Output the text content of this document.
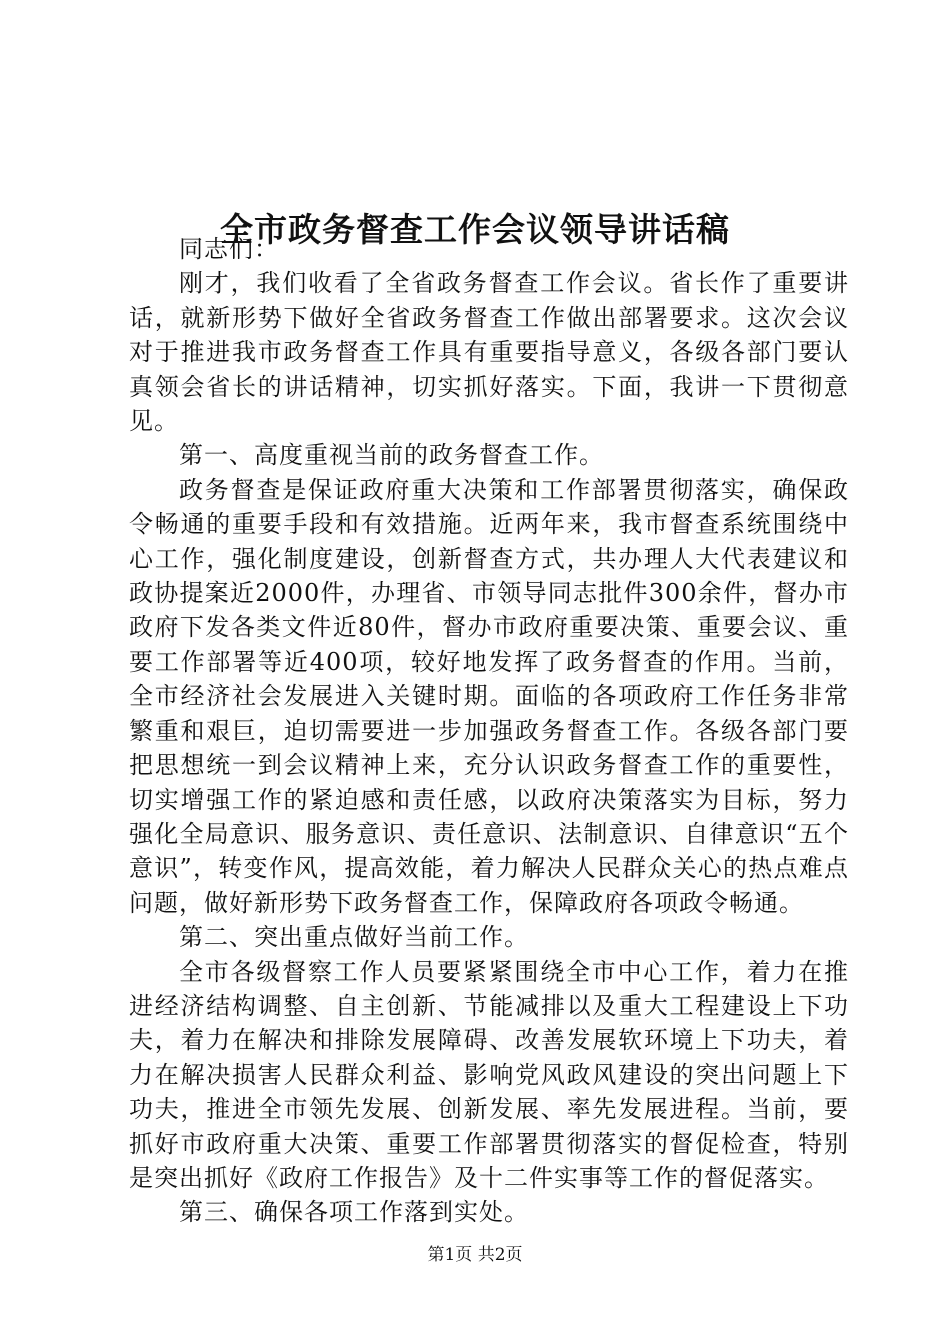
全市政务督查工作会议领导讲话稿

同志们：

刚才，我们收看了全省政务督查工作会议。省长作了重要讲话，就新形势下做好全省政务督查工作做出部署要求。这次会议对于推进我市政务督查工作具有重要指导意义，各级各部门要认真领会省长的讲话精神，切实抓好落实。下面，我讲一下贯彻意见。

第一、高度重视当前的政务督查工作。

政务督查是保证政府重大决策和工作部署贯彻落实，确保政令畅通的重要手段和有效措施。近两年来，我市督查系统围绕中心工作，强化制度建设，创新督查方式，共办理人大代表建议和政协提案近2000件，办理省、市领导同志批件300余件，督办市政府下发各类文件近80件，督办市政府重要决策、重要会议、重要工作部署等近400项，较好地发挥了政务督查的作用。当前，全市经济社会发展进入关键时期。面临的各项政府工作任务非常繁重和艰巨，迫切需要进一步加强政务督查工作。各级各部门要把思想统一到会议精神上来，充分认识政务督查工作的重要性，切实增强工作的紧迫感和责任感，以政府决策落实为目标，努力强化全局意识、服务意识、责任意识、法制意识、自律意识“五个意识”，转变作风，提高效能，着力解决人民群众关心的热点难点问题，做好新形势下政务督查工作，保障政府各项政令畅通。

第二、突出重点做好当前工作。

全市各级督察工作人员要紧紧围绕全市中心工作，着力在推进经济结构调整、自主创新、节能减排以及重大工程建设上下功夫，着力在解决和排除发展障碍、改善发展软环境上下功夫，着力在解决损害人民群众利益、影响党风政风建设的突出问题上下功夫，推进全市领先发展、创新发展、率先发展进程。当前，要抓好市政府重大决策、重要工作部署贯彻落实的督促检查，特别是突出抓好《政府工作报告》及十二件实事等工作的督促落实。

第三、确保各项工作落到实处。

第1页 共2页
